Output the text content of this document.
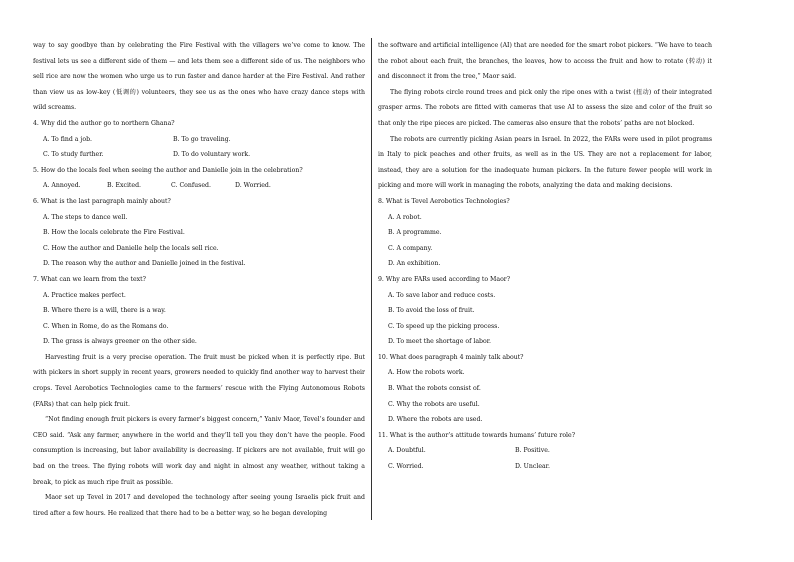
way to say goodbye than by celebrating the Fire Festival with the villagers we’ve come to know. The festival lets us see a different side of them — and lets them see a different side of us. The neighbors who sell rice are now the women who urge us to run faster and dance harder at the Fire Festival. And rather than view us as low-key (低调的) volunteers, they see us as the ones who have crazy dance steps with wild screams.

4. Why did the author go to northern Ghana?

A. To find a job.	B. To go traveling.
C. To study further.	D. To do voluntary work.

5. How do the locals feel when seeing the author and Danielle join in the celebration?

A. Annoyed.	B. Excited.	C. Confused.	D. Worried.

6. What is the last paragraph mainly about?

A. The steps to dance well.

B. How the locals celebrate the Fire Festival.

C. How the author and Danielle help the locals sell rice.

D. The reason why the author and Danielle joined in the festival.

7. What can we learn from the text?

A. Practice makes perfect.

B. Where there is a will, there is a way.

C. When in Rome, do as the Romans do.

D. The grass is always greener on the other side.

Harvesting fruit is a very precise operation. The fruit must be picked when it is perfectly ripe. But with pickers in short supply in recent years, growers needed to quickly find another way to harvest their crops. Tevel Aerobotics Technologies came to the farmers’ rescue with the Flying Autonomous Robots (FARs) that can help pick fruit.

“Not finding enough fruit pickers is every farmer’s biggest concern,” Yaniv Maor, Tevel’s founder and CEO said. “Ask any farmer, anywhere in the world and they’ll tell you they don’t have the people. Food consumption is increasing, but labor availability is decreasing. If pickers are not available, fruit will go bad on the trees. The flying robots will work day and night in almost any weather, without taking a break, to pick as much ripe fruit as possible.

Maor set up Tevel in 2017 and developed the technology after seeing young Israelis pick fruit and tired after a few hours. He realized that there had to be a better way, so he began developing

the software and artificial intelligence (AI) that are needed for the smart robot pickers. “We have to teach the robot about each fruit, the branches, the leaves, how to access the fruit and how to rotate (转动) it and disconnect it from the tree,” Maor said.

The flying robots circle round trees and pick only the ripe ones with a twist (扭动) of their integrated grasper arms. The robots are fitted with cameras that use AI to assess the size and color of the fruit so that only the ripe pieces are picked. The cameras also ensure that the robots’ paths are not blocked.

The robots are currently picking Asian pears in Israel. In 2022, the FARs were used in pilot programs in Italy to pick peaches and other fruits, as well as in the US. They are not a replacement for labor, instead, they are a solution for the inadequate human pickers. In the future fewer people will work in picking and more will work in managing the robots, analyzing the data and making decisions.

8. What is Tevel Aerobotics Technologies?

A. A robot.

B. A programme.

C. A company.

D. An exhibition.

9. Why are FARs used according to Maor?

A. To save labor and reduce costs.

B. To avoid the loss of fruit.

C. To speed up the picking process.

D. To meet the shortage of labor.

10. What does paragraph 4 mainly talk about?

A. How the robots work.

B. What the robots consist of.

C. Why the robots are useful.

D. Where the robots are used.

11. What is the author’s attitude towards humans’ future role?

A. Doubtful.	B. Positive.
C. Worried.	D. Unclear.
